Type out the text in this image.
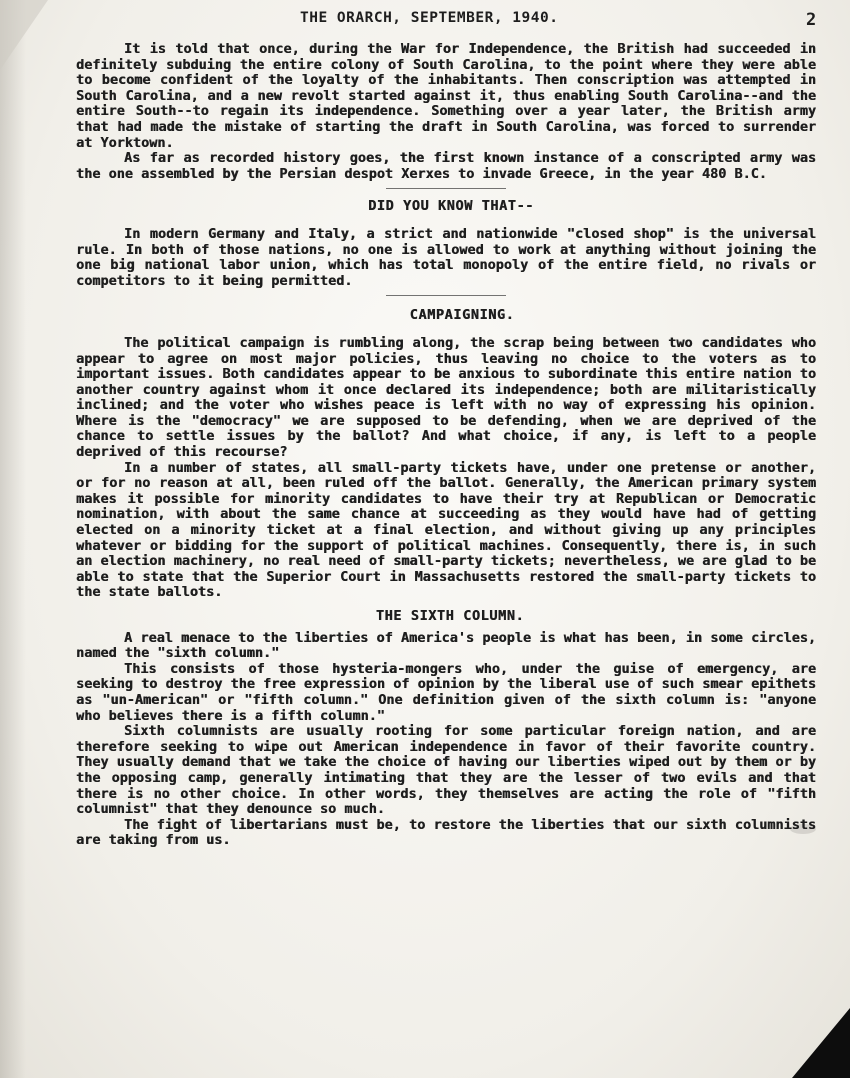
THE ORARCH, SEPTEMBER, 1940.	2

It is told that once, during the War for Independence, the British had succeeded in definitely subduing the entire colony of South Carolina, to the point where they were able to become confident of the loyalty of the inhabitants. Then conscription was attempted in South Carolina, and a new revolt started against it, thus enabling South Carolina--and the entire South--to regain its independence. Something over a year later, the British army that had made the mistake of starting the draft in South Carolina, was forced to surrender at Yorktown.

As far as recorded history goes, the first known instance of a conscripted army was the one assembled by the Persian despot Xerxes to invade Greece, in the year 480 B.C.

DID YOU KNOW THAT--

In modern Germany and Italy, a strict and nationwide "closed shop" is the universal rule. In both of those nations, no one is allowed to work at anything without joining the one big national labor union, which has total monopoly of the entire field, no rivals or competitors to it being permitted.

CAMPAIGNING.

The political campaign is rumbling along, the scrap being between two candidates who appear to agree on most major policies, thus leaving no choice to the voters as to important issues. Both candidates appear to be anxious to subordinate this entire nation to another country against whom it once declared its independence; both are militaristically inclined; and the voter who wishes peace is left with no way of expressing his opinion. Where is the "democracy" we are supposed to be defending, when we are deprived of the chance to settle issues by the ballot? And what choice, if any, is left to a people deprived of this recourse?

In a number of states, all small-party tickets have, under one pretense or another, or for no reason at all, been ruled off the ballot. Generally, the American primary system makes it possible for minority candidates to have their try at Republican or Democratic nomination, with about the same chance at succeeding as they would have had of getting elected on a minority ticket at a final election, and without giving up any principles whatever or bidding for the support of political machines. Consequently, there is, in such an election machinery, no real need of small-party tickets; nevertheless, we are glad to be able to state that the Superior Court in Massachusetts restored the small-party tickets to the state ballots.

THE SIXTH COLUMN.

A real menace to the liberties of America's people is what has been, in some circles, named the "sixth column."

This consists of those hysteria-mongers who, under the guise of emergency, are seeking to destroy the free expression of opinion by the liberal use of such smear epithets as "un-American" or "fifth column." One definition given of the sixth column is: "anyone who believes there is a fifth column."

Sixth columnists are usually rooting for some particular foreign nation, and are therefore seeking to wipe out American independence in favor of their favorite country. They usually demand that we take the choice of having our liberties wiped out by them or by the opposing camp, generally intimating that they are the lesser of two evils and that there is no other choice. In other words, they themselves are acting the role of "fifth columnist" that they denounce so much.

The fight of libertarians must be, to restore the liberties that our sixth columnists are taking from us.
